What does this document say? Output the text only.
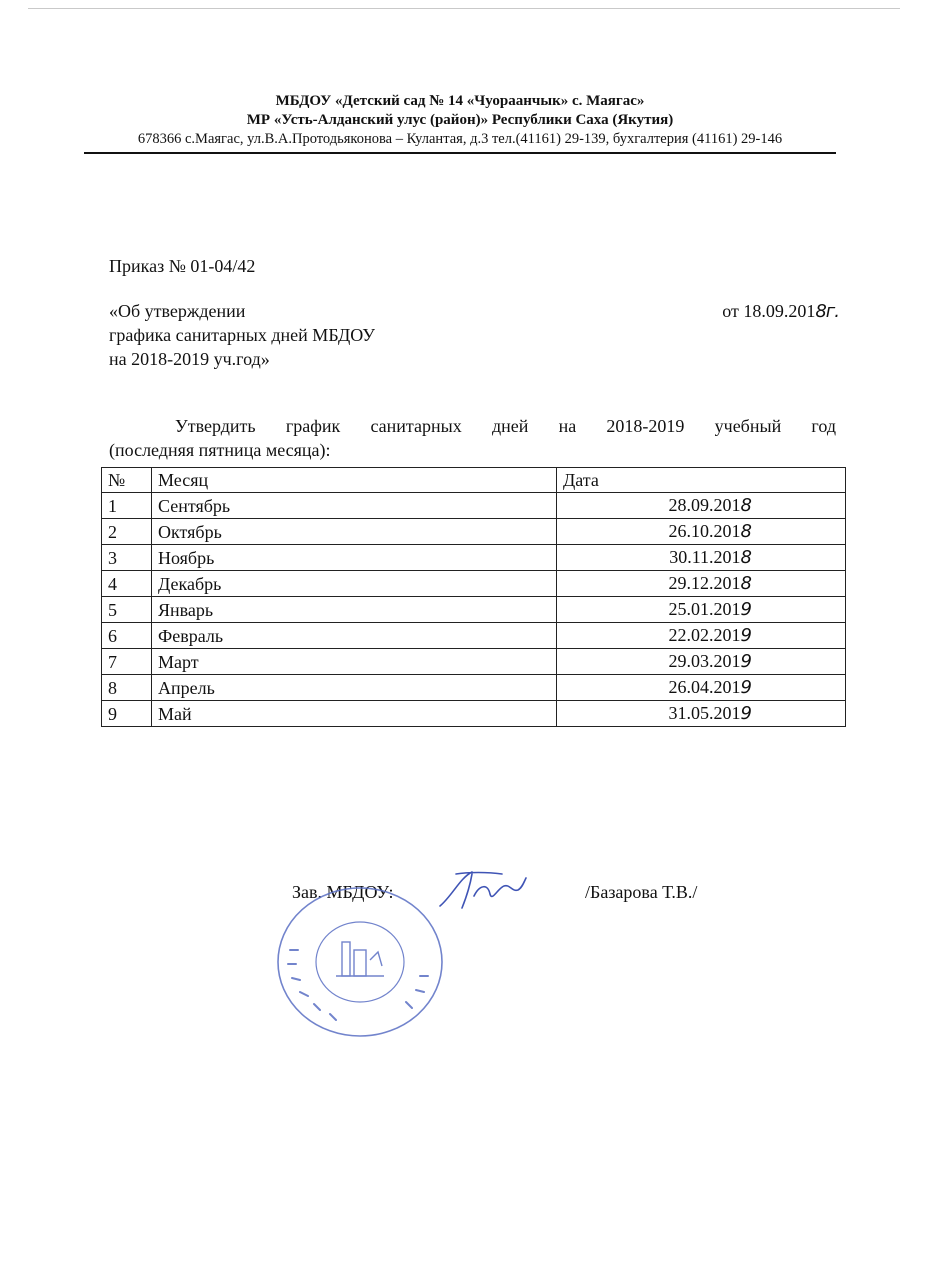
МБДОУ «Детский сад № 14 «Чуораанчык» с. Маягас»
МР «Усть-Алданский улус (район)» Республики Саха (Якутия)
678366 с.Маягас, ул.В.А.Протодьяконова – Кулантая, д.3 тел.(41161) 29-139, бухгалтерия (41161) 29-146
Приказ № 01-04/42
«Об утверждении
графика санитарных дней МБДОУ
на 2018-2019 уч.год»
от 18.09.2018г.
Утвердить график санитарных дней на 2018-2019 учебный год
(последняя пятница месяца):
№	Месяц	Дата
1	Сентябрь	28.09.2018
2	Октябрь	26.10.2018
3	Ноябрь	30.11.2018
4	Декабрь	29.12.2018
5	Январь	25.01.2019
6	Февраль	22.02.2019
7	Март	29.03.2019
8	Апрель	26.04.2019
9	Май	31.05.2019
Зав. МБДОУ:	/Базарова Т.В./
